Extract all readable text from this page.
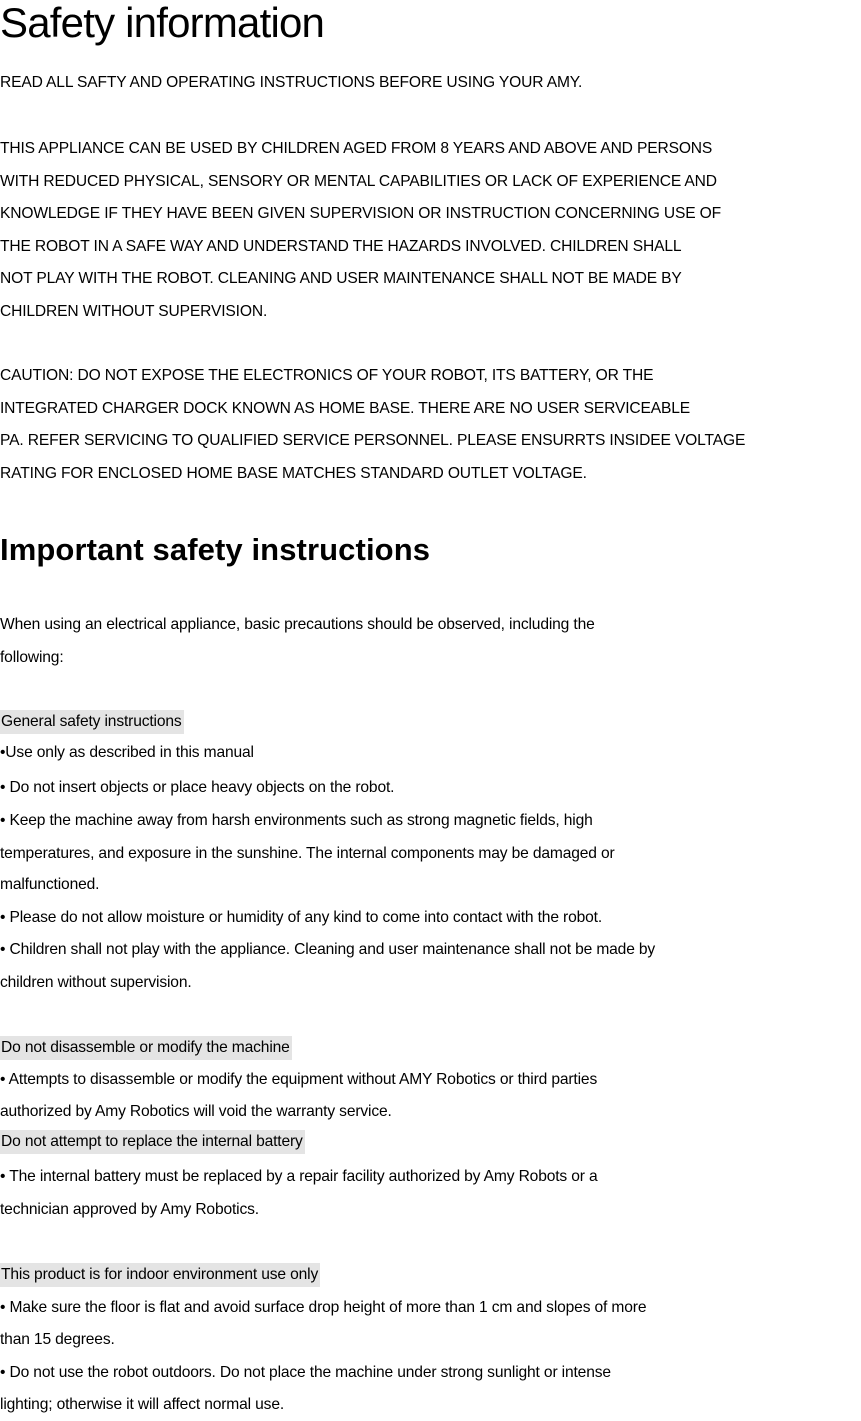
Safety information

READ ALL SAFTY AND OPERATING INSTRUCTIONS BEFORE USING YOUR AMY.

THIS APPLIANCE CAN BE USED BY CHILDREN AGED FROM 8 YEARS AND ABOVE AND PERSONS
WITH REDUCED PHYSICAL, SENSORY OR MENTAL CAPABILITIES OR LACK OF EXPERIENCE AND
KNOWLEDGE IF THEY HAVE BEEN GIVEN SUPERVISION OR INSTRUCTION CONCERNING USE OF
THE ROBOT IN A SAFE WAY AND UNDERSTAND THE HAZARDS INVOLVED. CHILDREN SHALL
NOT PLAY WITH THE ROBOT. CLEANING AND USER MAINTENANCE SHALL NOT BE MADE BY
CHILDREN WITHOUT SUPERVISION.

CAUTION: DO NOT EXPOSE THE ELECTRONICS OF YOUR ROBOT, ITS BATTERY, OR THE
INTEGRATED CHARGER DOCK KNOWN AS HOME BASE. THERE ARE NO USER SERVICEABLE
PA. REFER SERVICING TO QUALIFIED SERVICE PERSONNEL. PLEASE ENSURRTS INSIDEE VOLTAGE
RATING FOR ENCLOSED HOME BASE MATCHES STANDARD OUTLET VOLTAGE.

Important safety instructions

When using an electrical appliance, basic precautions should be observed, including the
following:

General safety instructions
•Use only as described in this manual
• Do not insert objects or place heavy objects on the robot.
• Keep the machine away from harsh environments such as strong magnetic fields, high
temperatures, and exposure in the sunshine. The internal components may be damaged or
malfunctioned.
• Please do not allow moisture or humidity of any kind to come into contact with the robot.
• Children shall not play with the appliance. Cleaning and user maintenance shall not be made by
children without supervision.
Do not disassemble or modify the machine
• Attempts to disassemble or modify the equipment without AMY Robotics or third parties
authorized by Amy Robotics will void the warranty service.
Do not attempt to replace the internal battery
• The internal battery must be replaced by a repair facility authorized by Amy Robots or a
technician approved by Amy Robotics.
This product is for indoor environment use only
• Make sure the floor is flat and avoid surface drop height of more than 1 cm and slopes of more
than 15 degrees.
• Do not use the robot outdoors. Do not place the machine under strong sunlight or intense
lighting; otherwise it will affect normal use.
